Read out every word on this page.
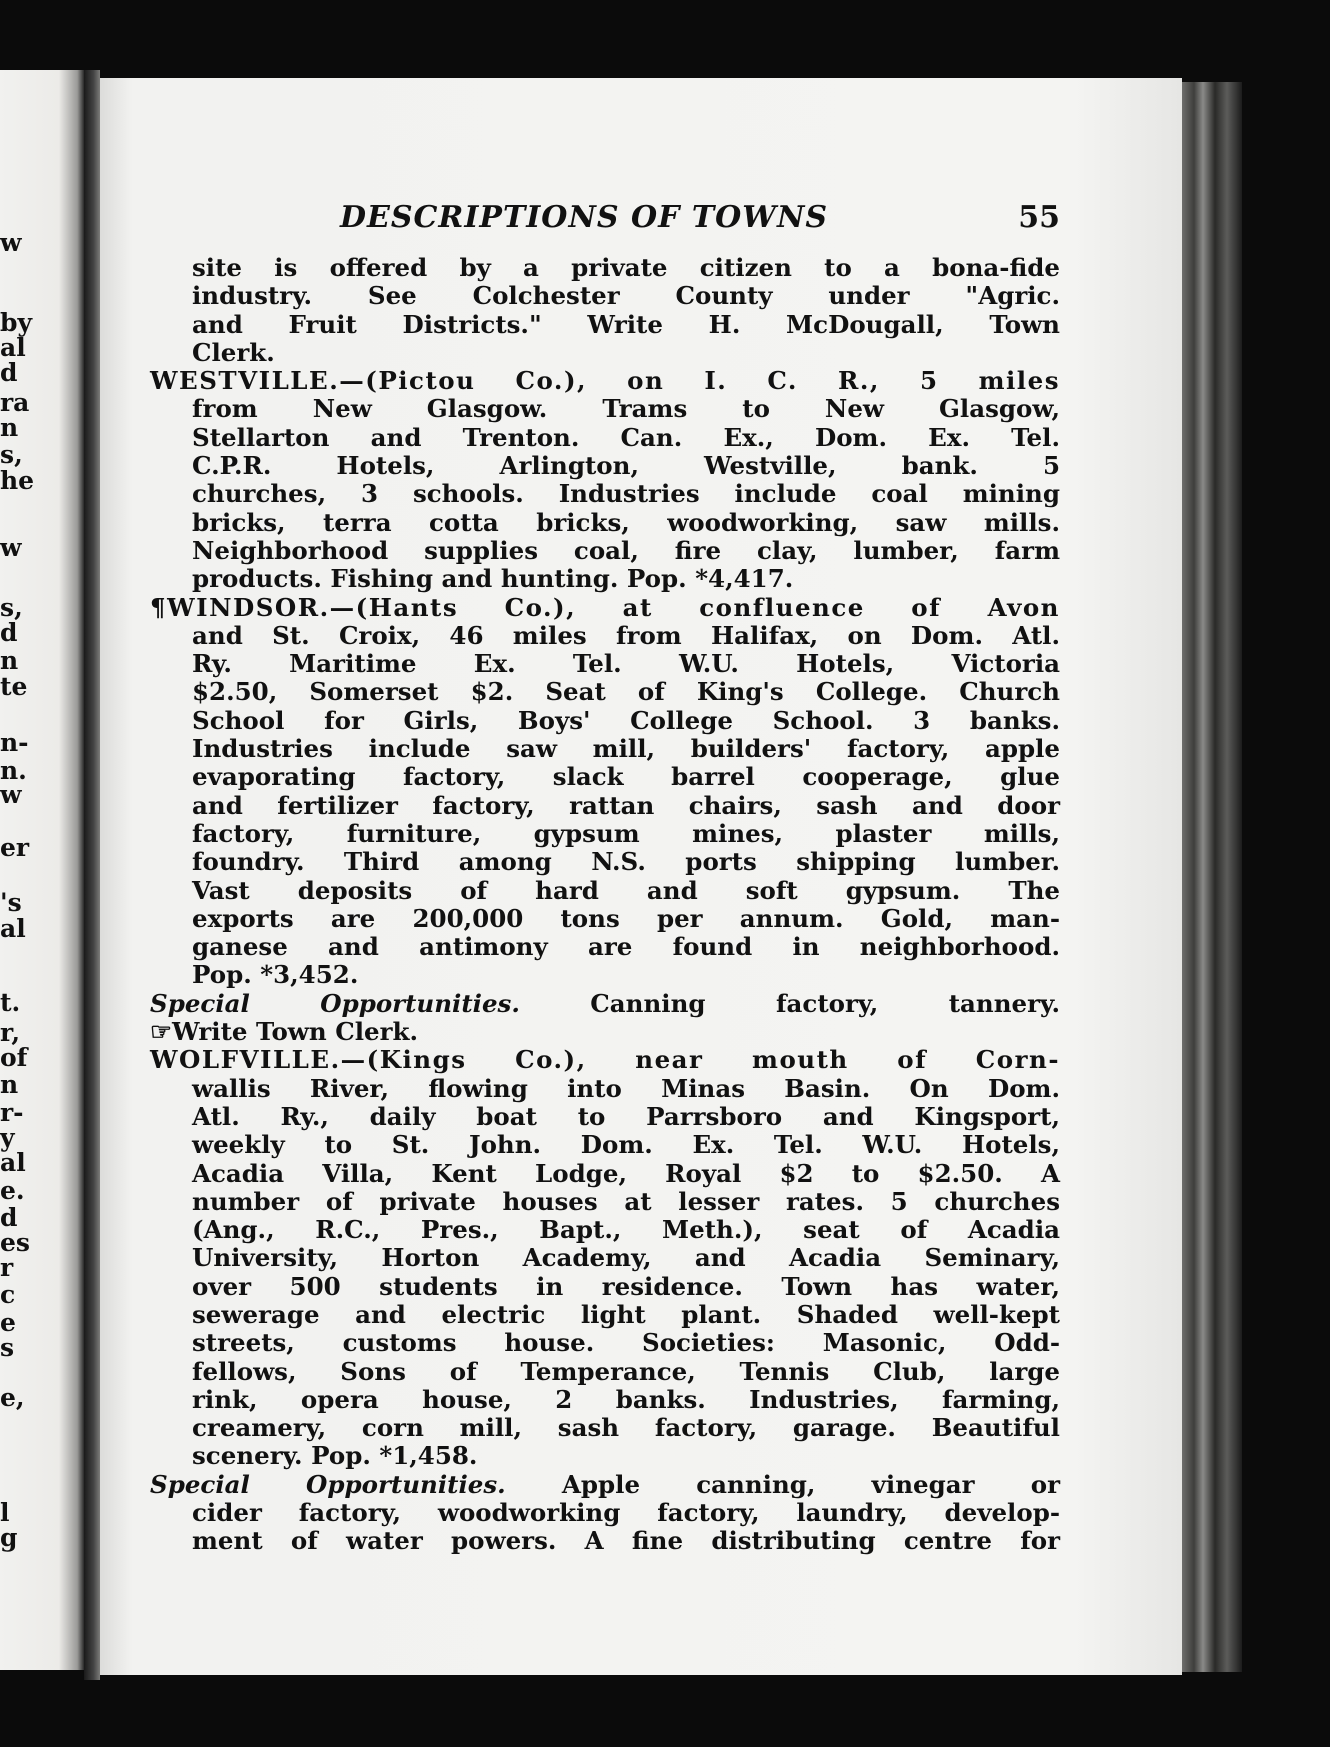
w
by
al
d
ra
n
s,
he
w
s,
d
n
te
n-
n.
w
er
's
al
t.
r,
of
n
r-
y
al
e.
d
es
r
c
e
s
e,
l
g
DESCRIPTIONS OF TOWNS	55
site is offered by a private citizen to a bona-fide
industry. See Colchester County under "Agric.
and Fruit Districts." Write H. McDougall, Town
Clerk.
WESTVILLE.—(Pictou Co.), on I. C. R., 5 miles
from New Glasgow. Trams to New Glasgow,
Stellarton and Trenton. Can. Ex., Dom. Ex. Tel.
C.P.R. Hotels, Arlington, Westville, bank. 5
churches, 3 schools. Industries include coal mining
bricks, terra cotta bricks, woodworking, saw mills.
Neighborhood supplies coal, fire clay, lumber, farm
products. Fishing and hunting. Pop. *4,417.
¶WINDSOR.—(Hants Co.), at confluence of Avon
and St. Croix, 46 miles from Halifax, on Dom. Atl.
Ry. Maritime Ex. Tel. W.U. Hotels, Victoria
$2.50, Somerset $2. Seat of King's College. Church
School for Girls, Boys' College School. 3 banks.
Industries include saw mill, builders' factory, apple
evaporating factory, slack barrel cooperage, glue
and fertilizer factory, rattan chairs, sash and door
factory, furniture, gypsum mines, plaster mills,
foundry. Third among N.S. ports shipping lumber.
Vast deposits of hard and soft gypsum. The
exports are 200,000 tons per annum. Gold, man-
ganese and antimony are found in neighborhood.
Pop. *3,452.
Special Opportunities. Canning factory, tannery.
☞Write Town Clerk.
WOLFVILLE.—(Kings Co.), near mouth of Corn-
wallis River, flowing into Minas Basin. On Dom.
Atl. Ry., daily boat to Parrsboro and Kingsport,
weekly to St. John. Dom. Ex. Tel. W.U. Hotels,
Acadia Villa, Kent Lodge, Royal $2 to $2.50. A
number of private houses at lesser rates. 5 churches
(Ang., R.C., Pres., Bapt., Meth.), seat of Acadia
University, Horton Academy, and Acadia Seminary,
over 500 students in residence. Town has water,
sewerage and electric light plant. Shaded well-kept
streets, customs house. Societies: Masonic, Odd-
fellows, Sons of Temperance, Tennis Club, large
rink, opera house, 2 banks. Industries, farming,
creamery, corn mill, sash factory, garage. Beautiful
scenery. Pop. *1,458.
Special Opportunities. Apple canning, vinegar or
cider factory, woodworking factory, laundry, develop-
ment of water powers. A fine distributing centre for
